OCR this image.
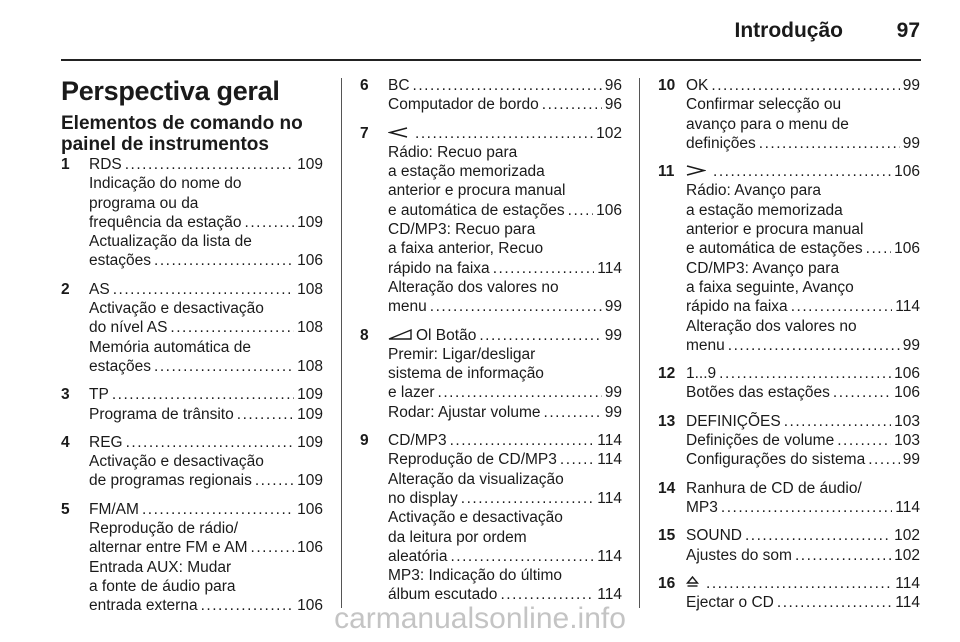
Introdução	97
Perspectiva geral
Elementos de comando no painel de instrumentos
1	RDS . . .	109
Indicação do nome do
programa ou da
frequência da estação . . .	109
Actualização da lista de
estações . . .	106
2	AS . . .	108
Activação e desactivação
do nível AS . . .	108
Memória automática de
estações . . .	108
3	TP . . .	109
Programa de trânsito . . .	109
4	REG . . .	109
Activação e desactivação
de programas regionais . . .	109
5	FM/AM . . .	106
Reprodução de rádio/
alternar entre FM e AM . . .	106
Entrada AUX: Mudar
a fonte de áudio para
entrada externa . . .	106
6	BC . . .	96
Computador de bordo . . .	96
7 . . .	102
Rádio: Recuo para
a estação memorizada
anterior e procura manual
e automática de estações . . . 106
CD/MP3: Recuo para
a faixa anterior, Recuo
rápido na faixa . . .	114
Alteração dos valores no
menu . . .	99
8	Ol Botão . . .	99
Premir: Ligar/desligar
sistema de informação
e lazer . . .	99
Rodar: Ajustar volume . . .	99
9	CD/MP3 . . .	114
Reprodução de CD/MP3 . . .	114
Alteração da visualização
no display . . .	114
Activação e desactivação
da leitura por ordem
aleatória . . .	114
MP3: Indicação do último
álbum escutado . . .	114
10 OK . . .	99
Confirmar selecção ou
avanço para o menu de
definições . . .	99
11 . . .	106
Rádio: Avanço para
a estação memorizada
anterior e procura manual
e automática de estações . . . 106
CD/MP3: Avanço para
a faixa seguinte, Avanço
rápido na faixa . . .	114
Alteração dos valores no
menu . . .	99
12 1...9 . . .	106
Botões das estações . . .	106
13 DEFINIÇÕES . . .	103
Definições de volume . . .	103
Configurações do sistema . . . 99
14 Ranhura de CD de áudio/
MP3 . . .	114
15 SOUND . . .	102
Ajustes do som . . .	102
16 . . .	114
Ejectar o CD . . .	114
carmanualsonline.info
